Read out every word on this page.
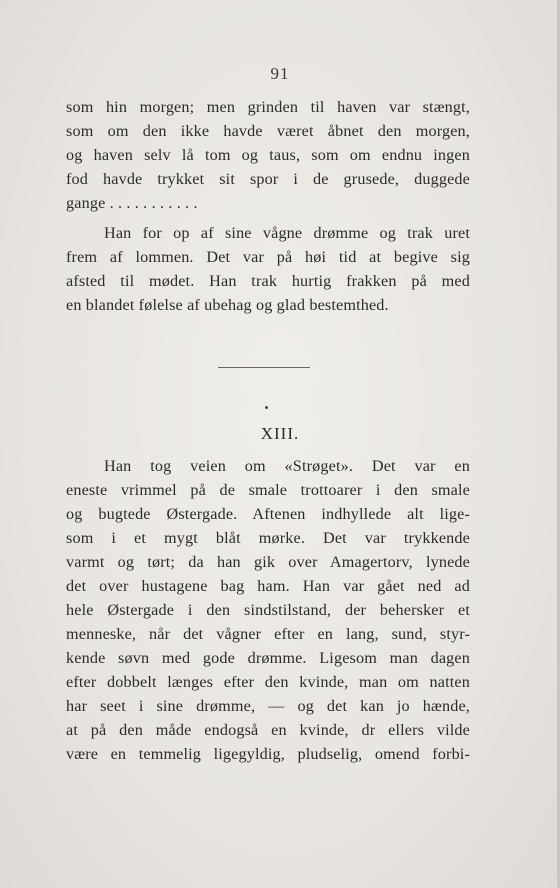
91
som hin morgen; men grinden til haven var stængt,
som om den ikke havde været åbnet den morgen,
og haven selv lå tom og taus, som om endnu ingen
fod havde trykket sit spor i de grusede, duggede
gange . . . . . . . . . . .
Han for op af sine vågne drømme og trak uret
frem af lommen. Det var på høi tid at begive sig
afsted til mødet. Han trak hurtig frakken på med
en blandet følelse af ubehag og glad bestemthed.
XIII.
Han tog veien om «Strøget». Det var en
eneste vrimmel på de smale trottoarer i den smale
og bugtede Østergade. Aftenen indhyllede alt lige-
som i et mygt blåt mørke. Det var trykkende
varmt og tørt; da han gik over Amagertorv, lynede
det over hustagene bag ham. Han var gået ned ad
hele Østergade i den sindstilstand, der behersker et
menneske, når det vågner efter en lang, sund, styr-
kende søvn med gode drømme. Ligesom man dagen
efter dobbelt længes efter den kvinde, man om natten
har seet i sine drømme, — og det kan jo hænde,
at på den måde endogså en kvinde, dr ellers vilde
være en temmelig ligegyldig, pludselig, omend forbi-
